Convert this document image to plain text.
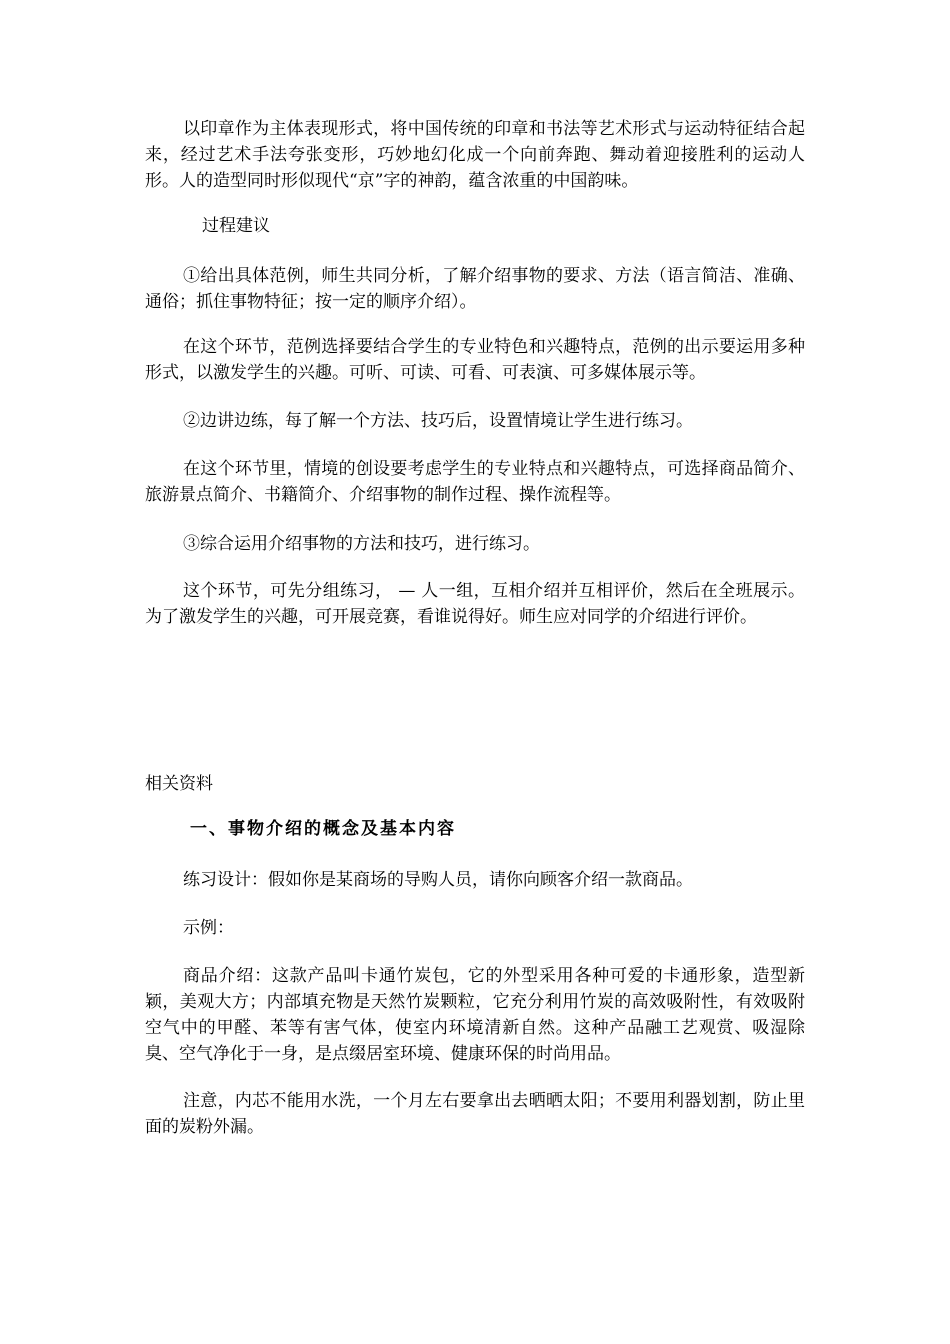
以印章作为主体表现形式，将中国传统的印章和书法等艺术形式与运动特征结合起来，经过艺术手法夸张变形，巧妙地幻化成一个向前奔跑、舞动着迎接胜利的运动人形。人的造型同时形似现代“京”字的神韵，蕴含浓重的中国韵味。

过程建议

①给出具体范例，师生共同分析，了解介绍事物的要求、方法（语言简洁、准确、通俗；抓住事物特征；按一定的顺序介绍）。

在这个环节，范例选择要结合学生的专业特色和兴趣特点，范例的出示要运用多种形式，以激发学生的兴趣。可听、可读、可看、可表演、可多媒体展示等。

②边讲边练，每了解一个方法、技巧后，设置情境让学生进行练习。

在这个环节里，情境的创设要考虑学生的专业特点和兴趣特点，可选择商品简介、旅游景点简介、书籍简介、介绍事物的制作过程、操作流程等。

③综合运用介绍事物的方法和技巧，进行练习。

这个环节，可先分组练习， — 人一组，互相介绍并互相评价，然后在全班展示。为了激发学生的兴趣，可开展竞赛，看谁说得好。师生应对同学的介绍进行评价。

相关资料

一、事物介绍的概念及基本内容

练习设计：假如你是某商场的导购人员，请你向顾客介绍一款商品。

示例：

商品介绍：这款产品叫卡通竹炭包，它的外型采用各种可爱的卡通形象，造型新颖，美观大方；内部填充物是天然竹炭颗粒，它充分利用竹炭的高效吸附性，有效吸附空气中的甲醛、苯等有害气体，使室内环境清新自然。这种产品融工艺观赏、吸湿除臭、空气净化于一身，是点缀居室环境、健康环保的时尚用品。

注意，内芯不能用水洗，一个月左右要拿出去晒晒太阳；不要用利器划割，防止里面的炭粉外漏。
